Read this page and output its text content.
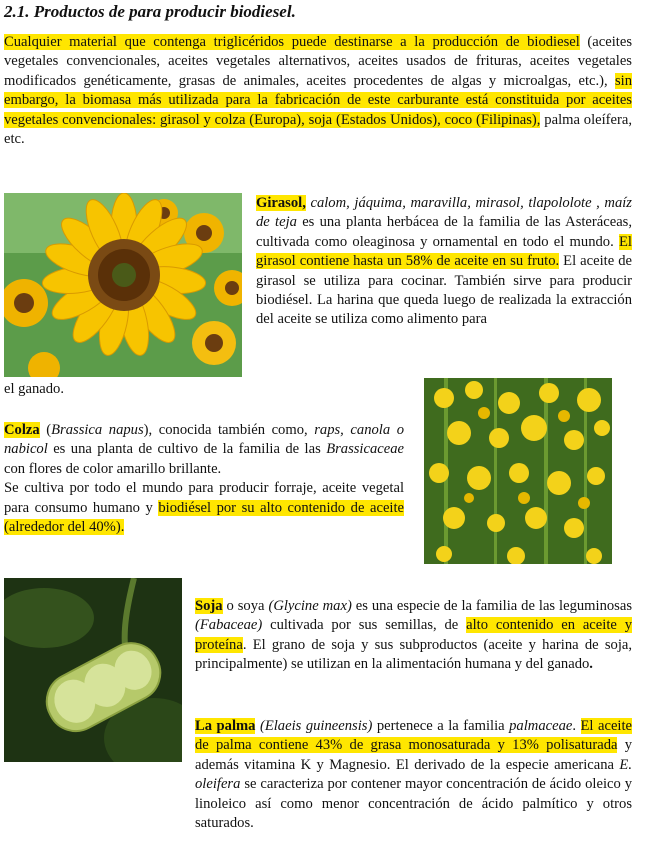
2.1. Productos de para producir biodiesel.
Cualquier material que contenga triglicéridos puede destinarse a la producción de biodiesel (aceites vegetales convencionales, aceites vegetales alternativos, aceites usados de frituras, aceites vegetales modificados genéticamente, grasas de animales, aceites procedentes de algas y microalgas, etc.), sin embargo, la biomasa más utilizada para la fabricación de este carburante está constituida por aceites vegetales convencionales: girasol y colza (Europa), soja (Estados Unidos), coco (Filipinas), palma oleífera, etc.
Girasol, calom, jáquima, maravilla, mirasol, tlapololote , maíz de teja es una planta herbácea de la familia de las Asteráceas, cultivada como oleaginosa y ornamental en todo el mundo. El girasol contiene hasta un 58% de aceite en su fruto. El aceite de girasol se utiliza para cocinar. También sirve para producir biodiésel. La harina que queda luego de realizada la extracción del aceite se utiliza como alimento para
el ganado.
Colza (Brassica napus), conocida también como, raps, canola o nabicol es una planta de cultivo de la familia de las Brassicaceae con flores de color amarillo brillante.
Se cultiva por todo el mundo para producir forraje, aceite vegetal para consumo humano y biodiésel por su alto contenido de aceite (alrededor del 40%).
Soja o soya (Glycine max) es una especie de la familia de las leguminosas (Fabaceae) cultivada por sus semillas, de alto contenido en aceite y proteína. El grano de soja y sus subproductos (aceite y harina de soja, principalmente) se utilizan en la alimentación humana y del ganado.
La palma (Elaeis guineensis) pertenece a la familia palmaceae. El aceite de palma contiene 43% de grasa monosaturada y 13% polisaturada y además vitamina K y Magnesio. El derivado de la especie americana E. oleifera se caracteriza por contener mayor concentración de ácido oleico y linoleico así como menor concentración de ácido palmítico y otros saturados.
